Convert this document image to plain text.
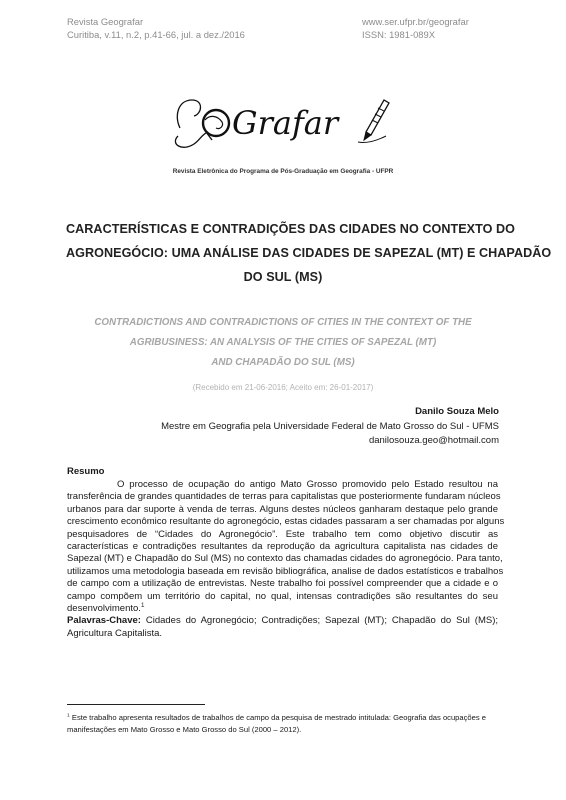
Revista Geografar
Curitiba, v.11, n.2, p.41-66, jul. a dez./2016
www.ser.ufpr.br/geografar
ISSN: 1981-089X
Grafar
Revista Eletrônica do Programa de Pós-Graduação em Geografia - UFPR
CARACTERÍSTICAS E CONTRADIÇÕES DAS CIDADES NO CONTEXTO DO
AGRONEGÓCIO: UMA ANÁLISE DAS CIDADES DE SAPEZAL (MT) E CHAPADÃO
DO SUL (MS)
CONTRADICTIONS AND CONTRADICTIONS OF CITIES IN THE CONTEXT OF THE
AGRIBUSINESS: AN ANALYSIS OF THE CITIES OF SAPEZAL (MT)
AND CHAPADÃO DO SUL (MS)
(Recebido em 21-06-2016; Aceito em: 26-01-2017)
Danilo Souza Melo
Mestre em Geografia pela Universidade Federal de Mato Grosso do Sul - UFMS
danilosouza.geo@hotmail.com
Resumo
O processo de ocupação do antigo Mato Grosso promovido pelo Estado resultou na
transferência de grandes quantidades de terras para capitalistas que posteriormente fundaram núcleos
urbanos para dar suporte à venda de terras. Alguns destes núcleos ganharam destaque pelo grande
crescimento econômico resultante do agronegócio, estas cidades passaram a ser chamadas por alguns
pesquisadores de “Cidades do Agronegócio”. Este trabalho tem como objetivo discutir as
características e contradições resultantes da reprodução da agricultura capitalista nas cidades de
Sapezal (MT) e Chapadão do Sul (MS) no contexto das chamadas cidades do agronegócio. Para tanto,
utilizamos uma metodologia baseada em revisão bibliográfica, analise de dados estatísticos e trabalhos
de campo com a utilização de entrevistas. Neste trabalho foi possível compreender que a cidade e o
campo compõem um território do capital, no qual, intensas contradições são resultantes do seu
desenvolvimento.$^1$
Palavras-Chave: Cidades do Agronegócio; Contradições; Sapezal (MT); Chapadão do Sul (MS);
Agricultura Capitalista.
$^1$ Este trabalho apresenta resultados de trabalhos de campo da pesquisa de mestrado intitulada: Geografia das ocupações e
manifestações em Mato Grosso e Mato Grosso do Sul (2000 – 2012).
